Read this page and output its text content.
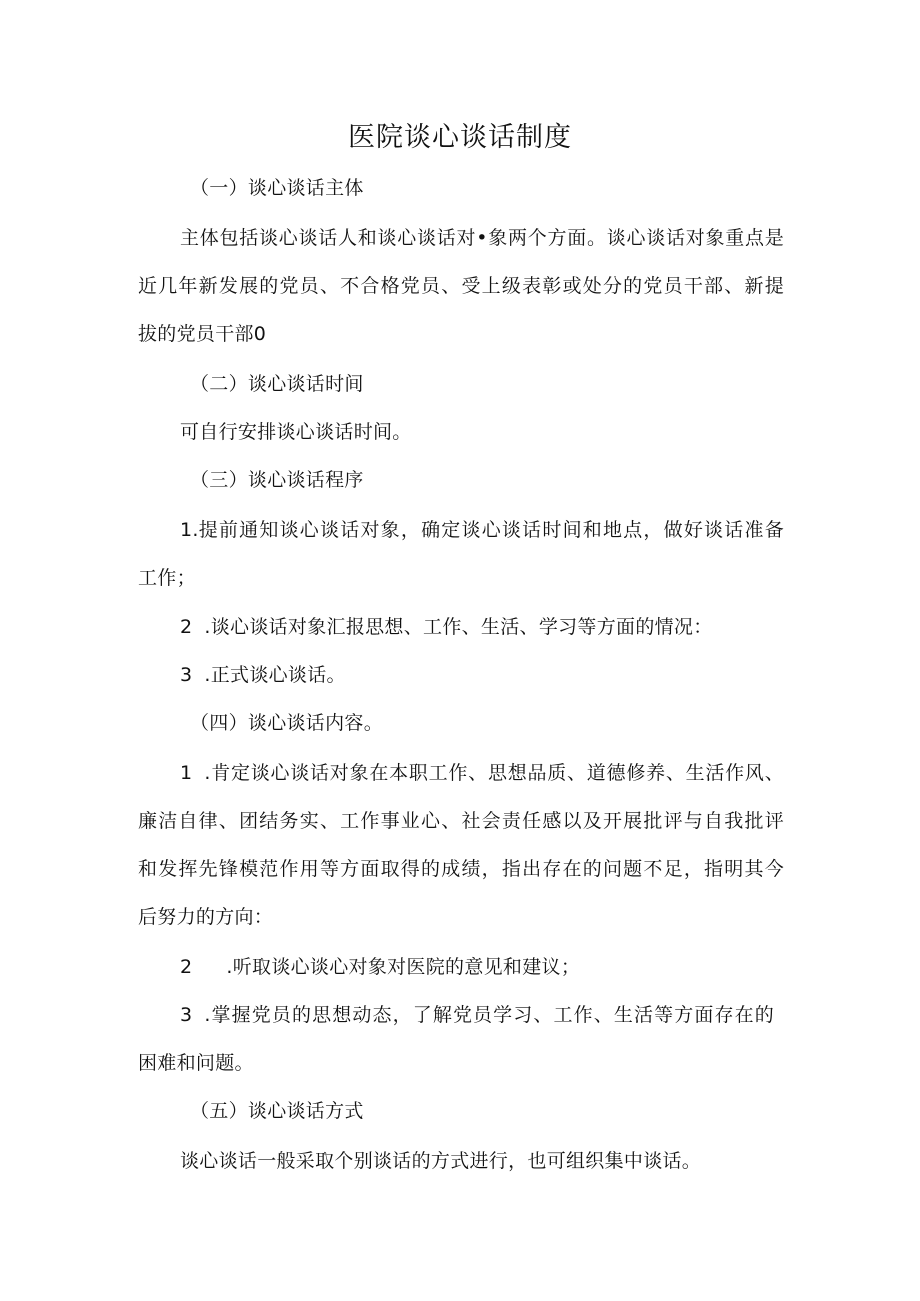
医院谈心谈话制度
（一）谈心谈话主体
主体包括谈心谈话人和谈心谈话对•象两个方面。谈心谈话对象重点是
近几年新发展的党员、不合格党员、受上级表彰或处分的党员干部、新提
拔的党员干部0
（二）谈心谈话时间
可自行安排谈心谈话时间。
（三）谈心谈话程序
1. 提前通知谈心谈话对象，确定谈心谈话时间和地点，做好谈话准备
工作；
2 .谈心谈话对象汇报思想、工作、生活、学习等方面的情况：
3 .正式谈心谈话。
（四）谈心谈话内容。
1 .肯定谈心谈话对象在本职工作、思想品质、道德修养、生活作风、
廉洁自律、团结务实、工作事业心、社会责任感以及开展批评与自我批评
和发挥先锋模范作用等方面取得的成绩，指出存在的问题不足，指明其今
后努力的方向：
2 .听取谈心谈心对象对医院的意见和建议；
3 .掌握党员的思想动态，了解党员学习、工作、生活等方面存在的
困难和问题。
（五）谈心谈话方式
谈心谈话一般采取个别谈话的方式进行，也可组织集中谈话。
